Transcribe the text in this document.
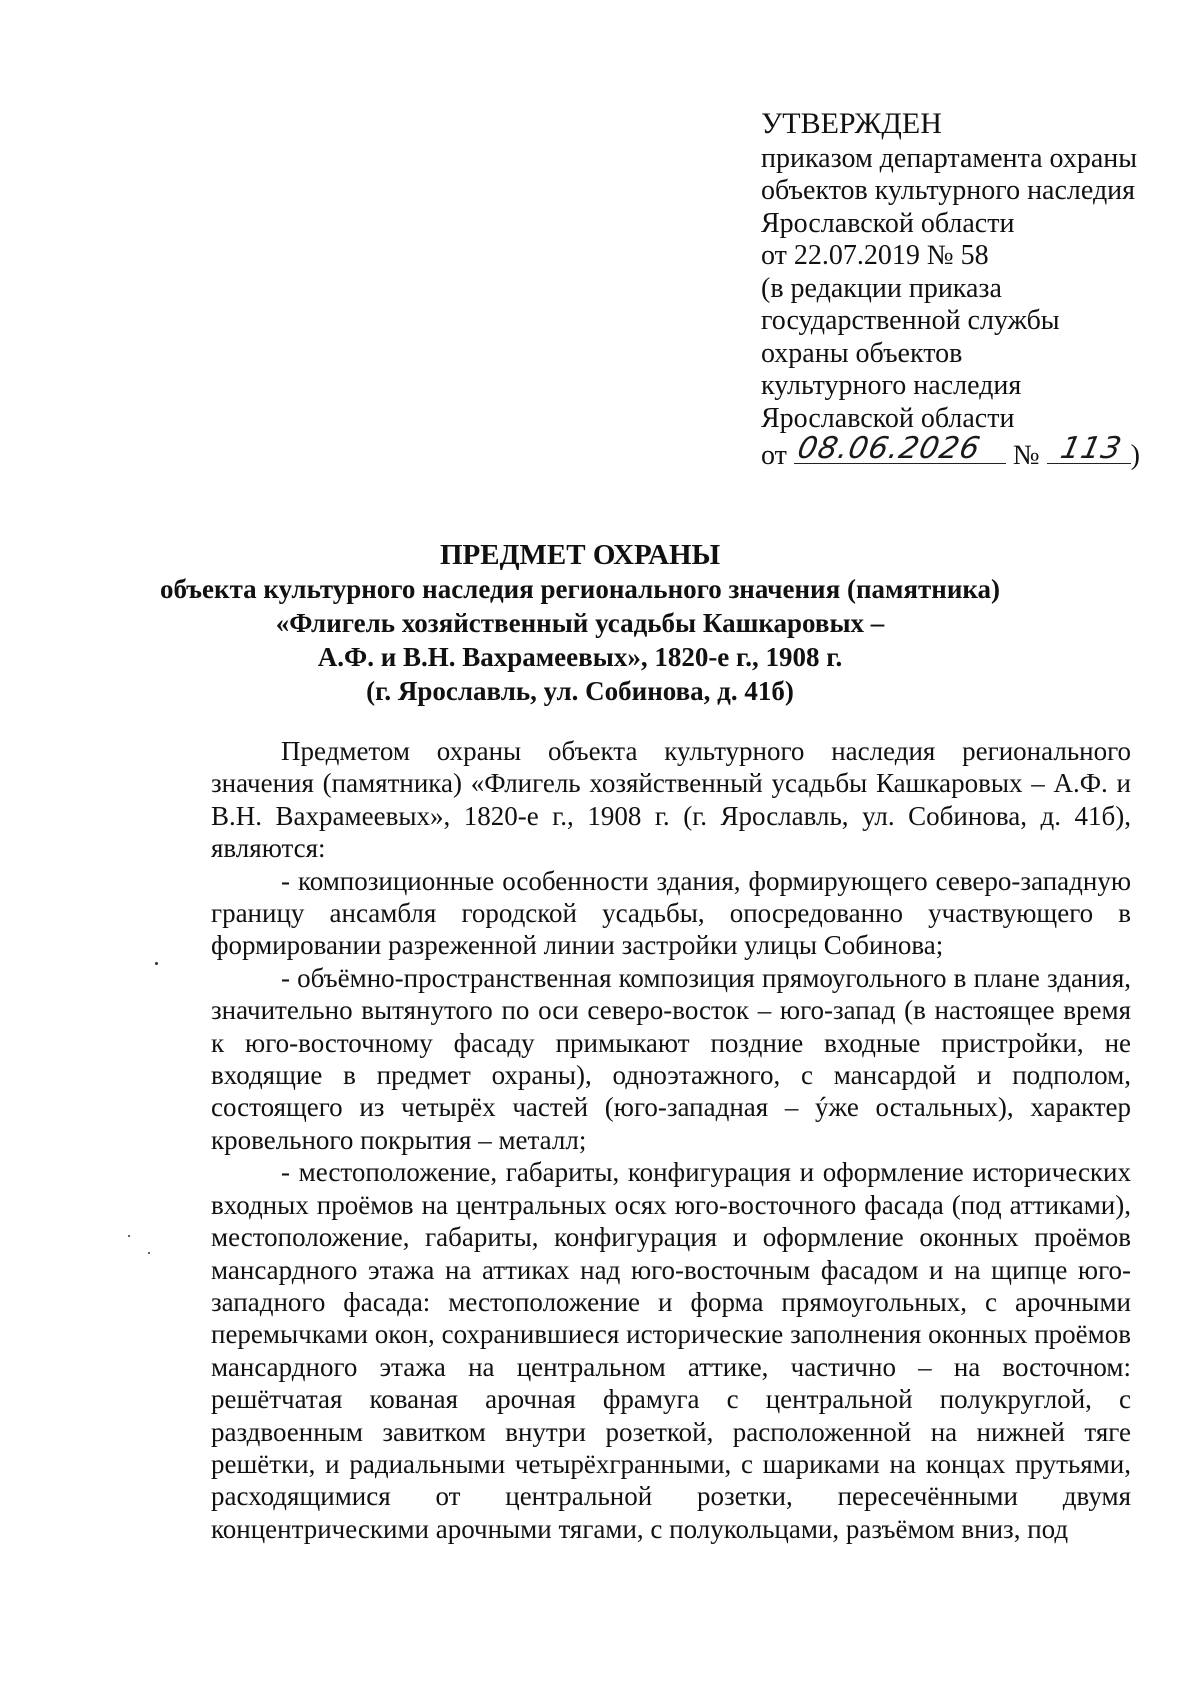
УТВЕРЖДЕН
приказом департамента охраны
объектов культурного наследия
Ярославской области
от 22.07.2019 № 58
(в редакции приказа
государственной службы
охраны объектов
культурного наследия
Ярославской области
от 08.06.2026 № 113 )
ПРЕДМЕТ ОХРАНЫ
объекта культурного наследия регионального значения (памятника)
«Флигель хозяйственный усадьбы Кашкаровых –
А.Ф. и В.Н. Вахрамеевых», 1820-е г., 1908 г.
(г. Ярославль, ул. Собинова, д. 41б)

Предметом охраны объекта культурного наследия регионального значения (памятника) «Флигель хозяйственный усадьбы Кашкаровых – А.Ф. и В.Н. Вахрамеевых», 1820-е г., 1908 г. (г. Ярославль, ул. Собинова, д. 41б), являются:

- композиционные особенности здания, формирующего северо-западную границу ансамбля городской усадьбы, опосредованно участвующего в формировании разреженной линии застройки улицы Собинова;

- объёмно-пространственная композиция прямоугольного в плане здания, значительно вытянутого по оси северо-восток – юго-запад (в настоящее время к юго-восточному фасаду примыкают поздние входные пристройки, не входящие в предмет охраны), одноэтажного, с мансардой и подполом, состоящего из четырёх частей (юго-западная – ýже остальных), характер кровельного покрытия – металл;

- местоположение, габариты, конфигурация и оформление исторических входных проёмов на центральных осях юго-восточного фасада (под аттиками), местоположение, габариты, конфигурация и оформление оконных проёмов мансардного этажа на аттиках над юго-восточным фасадом и на щипце юго-западного фасада: местоположение и форма прямоугольных, с арочными перемычками окон, сохранившиеся исторические заполнения оконных проёмов мансардного этажа на центральном аттике, частично – на восточном: решётчатая кованая арочная фрамуга с центральной полукруглой, с раздвоенным завитком внутри розеткой, расположенной на нижней тяге решётки, и радиальными четырёхгранными, с шариками на концах прутьями, расходящимися от центральной розетки, пересечёнными двумя концентрическими арочными тягами, с полукольцами, разъёмом вниз, под
